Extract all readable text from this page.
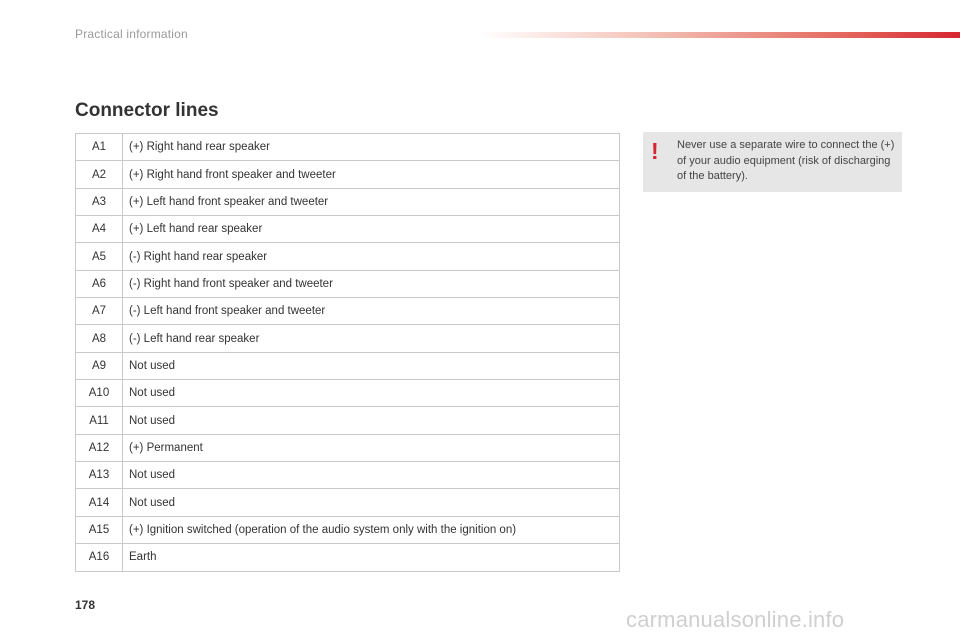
Practical information
Connector lines
A1	(+) Right hand rear speaker
A2	(+) Right hand front speaker and tweeter
A3	(+) Left hand front speaker and tweeter
A4	(+) Left hand rear speaker
A5	(-) Right hand rear speaker
A6	(-) Right hand front speaker and tweeter
A7	(-) Left hand front speaker and tweeter
A8	(-) Left hand rear speaker
A9	Not used
A10	Not used
A11	Not used
A12	(+) Permanent
A13	Not used
A14	Not used
A15	(+) Ignition switched (operation of the audio system only with the ignition on)
A16	Earth
! Never use a separate wire to connect the (+) of your audio equipment (risk of discharging of the battery).
178
carmanualsonline.info
